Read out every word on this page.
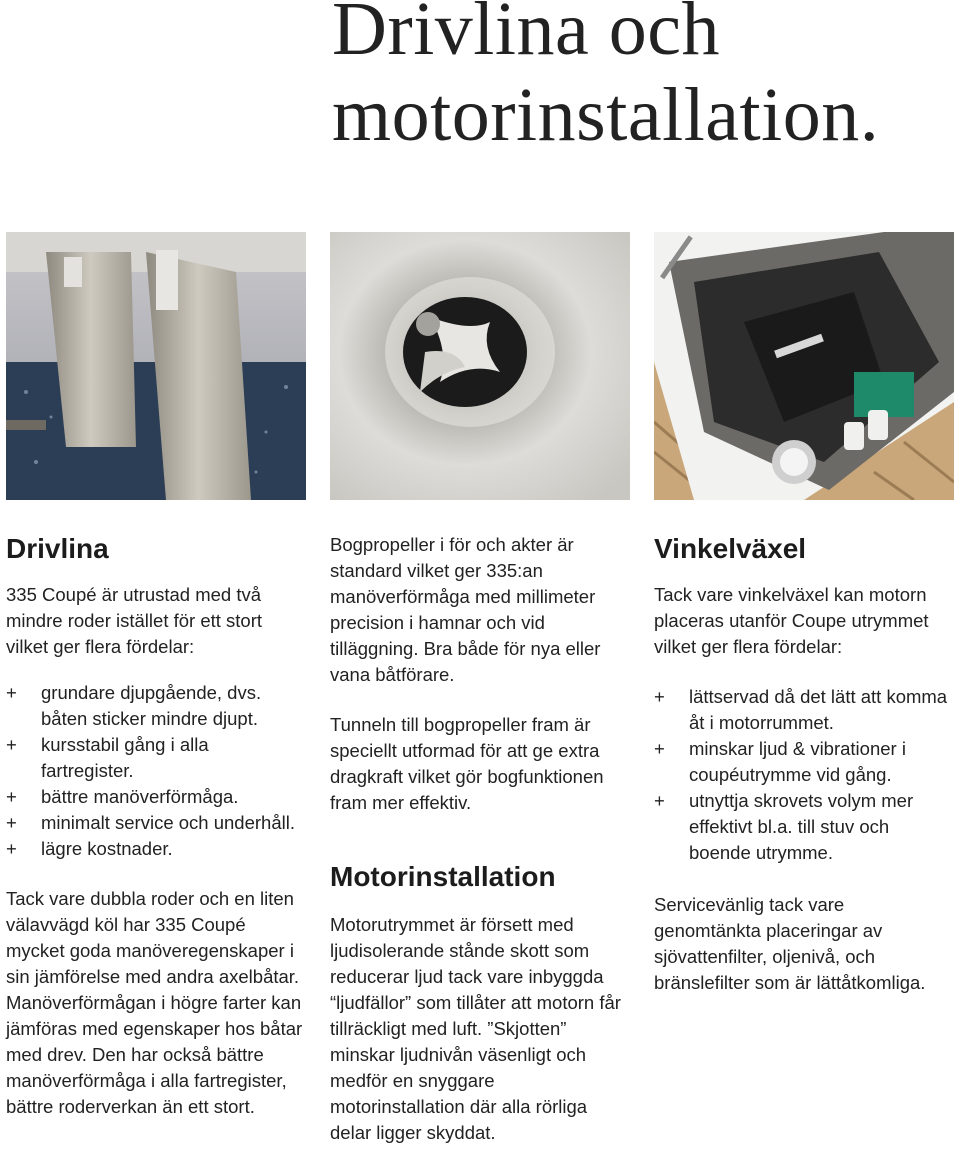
Drivlina och
motorinstallation.
Drivlina

335 Coupé är utrustad med två mindre roder istället för ett stort vilket ger flera fördelar:

+ grundare djupgående, dvs. båten sticker mindre djupt.
+ kursstabil gång i alla fartregister.
+ bättre manöverförmåga.
+ minimalt service och underhåll.
+ lägre kostnader.

Tack vare dubbla roder och en liten välavvägd köl har 335 Coupé mycket goda manöveregenskaper i sin jämförelse med andra axelbåtar. Manöverförmågan i högre farter kan jämföras med egenskaper hos båtar med drev. Den har också bättre manöverförmåga i alla fartregister, bättre roderverkan än ett stort.

Bogpropeller i för och akter är standard vilket ger 335:an manöverförmåga med millimeter precision i hamnar och vid tilläggning. Bra både för nya eller vana båtförare.

Tunneln till bogpropeller fram är speciellt utformad för att ge extra dragkraft vilket gör bogfunktionen fram mer effektiv.

Motorinstallation

Motorutrymmet är försett med ljudisolerande stånde skott som reducerar ljud tack vare inbyggda “ljudfällor” som tillåter att motorn får tillräckligt med luft. ”Skjotten” minskar ljudnivån väsenligt och medför en snyggare motorinstallation där alla rörliga delar ligger skyddat.

Vinkelväxel

Tack vare vinkelväxel kan motorn placeras utanför Coupe utrymmet vilket ger flera fördelar:

+ lättservad då det lätt att komma åt i motorrummet.
+ minskar ljud & vibrationer i coupéutrymme vid gång.
+ utnyttja skrovets volym mer effektivt bl.a. till stuv och boende utrymme.

Servicevänlig tack vare genomtänkta placeringar av sjövattenfilter, oljenivå, och bränslefilter som är lättåtkomliga.
